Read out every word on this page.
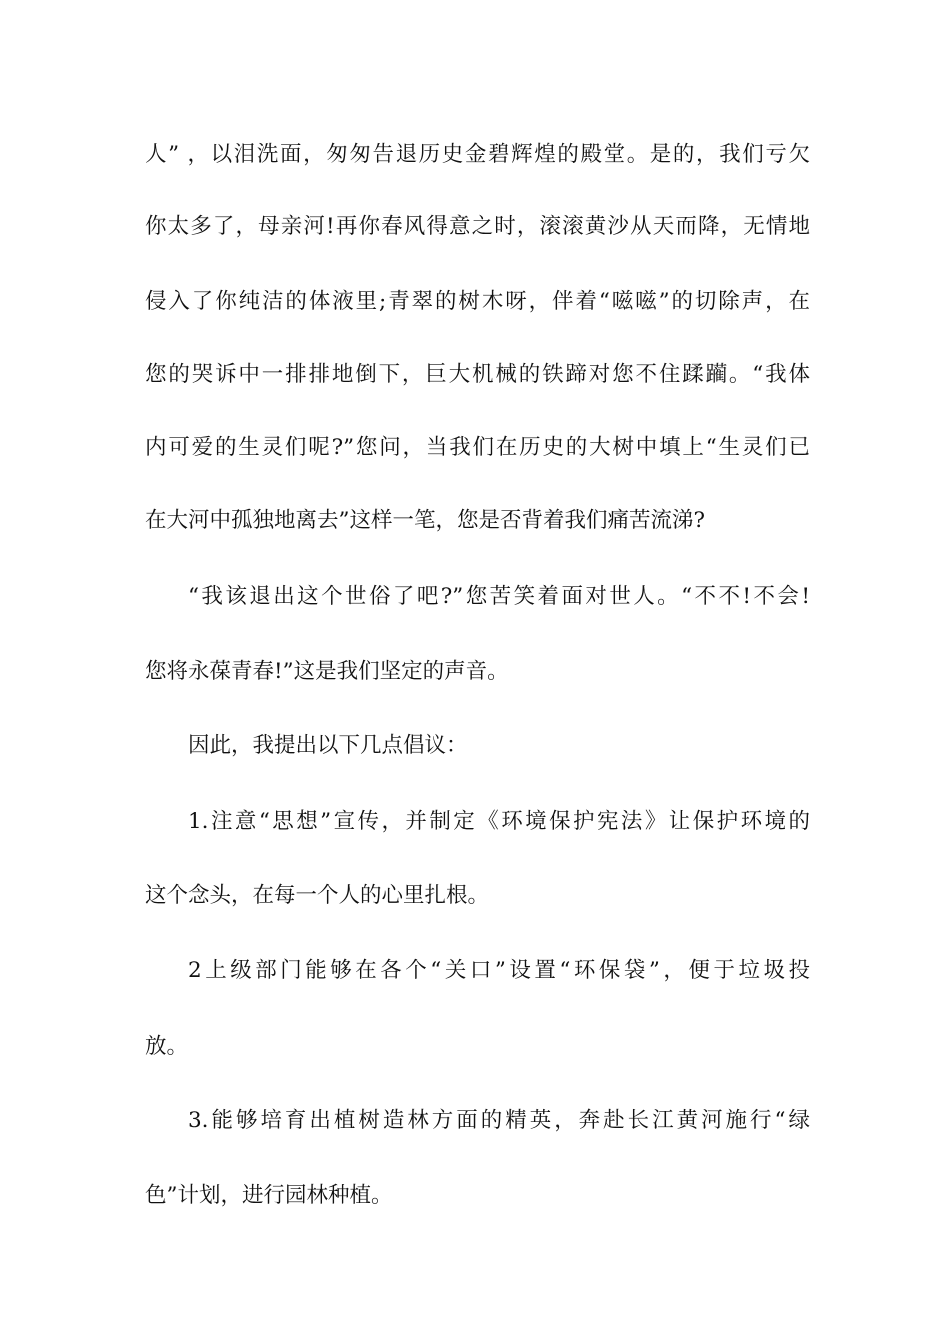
人” ，以泪洗面，匆匆告退历史金碧辉煌的殿堂。是的，我们亏欠
你太多了，母亲河!再你春风得意之时，滚滚黄沙从天而降，无情地
侵入了你纯洁的体液里;青翠的树木呀，伴着“嗞嗞”的切除声，在
您的哭诉中一排排地倒下，巨大机械的铁蹄对您不住蹂躏。“我体
内可爱的生灵们呢?”您问，当我们在历史的大树中填上“生灵们已
在大河中孤独地离去”这样一笔，您是否背着我们痛苦流涕?
“我该退出这个世俗了吧?”您苦笑着面对世人。“不不!不会!
您将永葆青春!”这是我们坚定的声音。
因此，我提出以下几点倡议：
1.注意“思想”宣传，并制定《环境保护宪法》让保护环境的
这个念头，在每一个人的心里扎根。
2上级部门能够在各个“关口”设置“环保袋”，便于垃圾投
放。
3.能够培育出植树造林方面的精英，奔赴长江黄河施行“绿
色”计划，进行园林种植。
